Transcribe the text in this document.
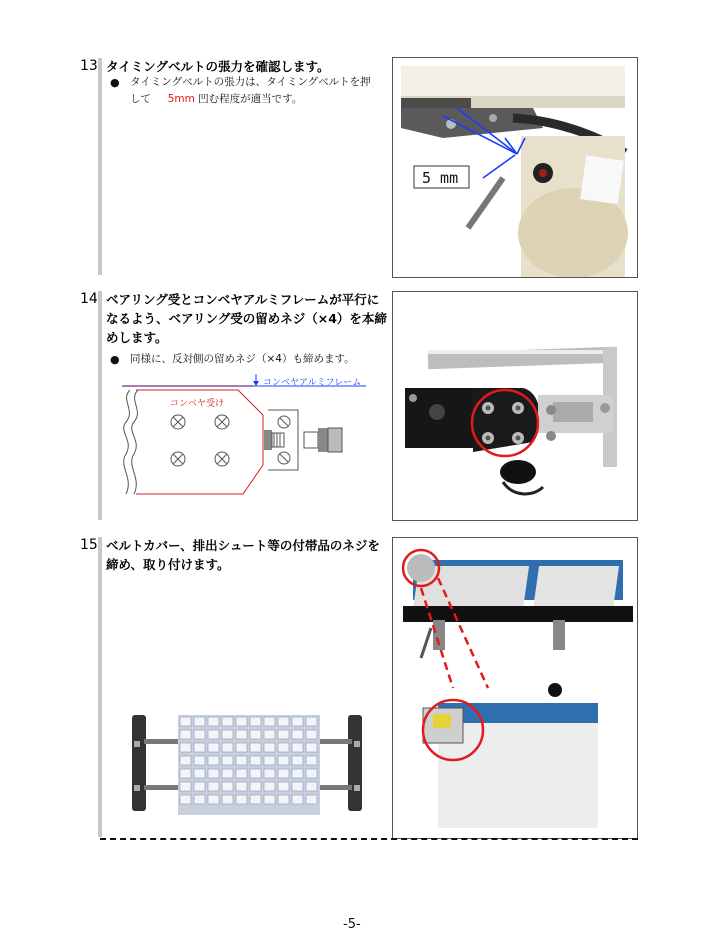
13 タイミングベルトの張力を確認します。
● タイミングベルトの張力は、タイミングベルトを押
して 5mm 凹む程度が適当です。
5 mm
14 ベアリング受とコンベヤアルミフレームが平行に
なるよう、ベアリング受の留めネジ（×4）を本締
めします。
● 同様に、反対側の留めネジ（×4）も締めます。
コンベヤアルミフレーム
コンベヤ受け
15 ベルトカバー、排出シュート等の付帯品のネジを
締め、取り付けます。
-5-
